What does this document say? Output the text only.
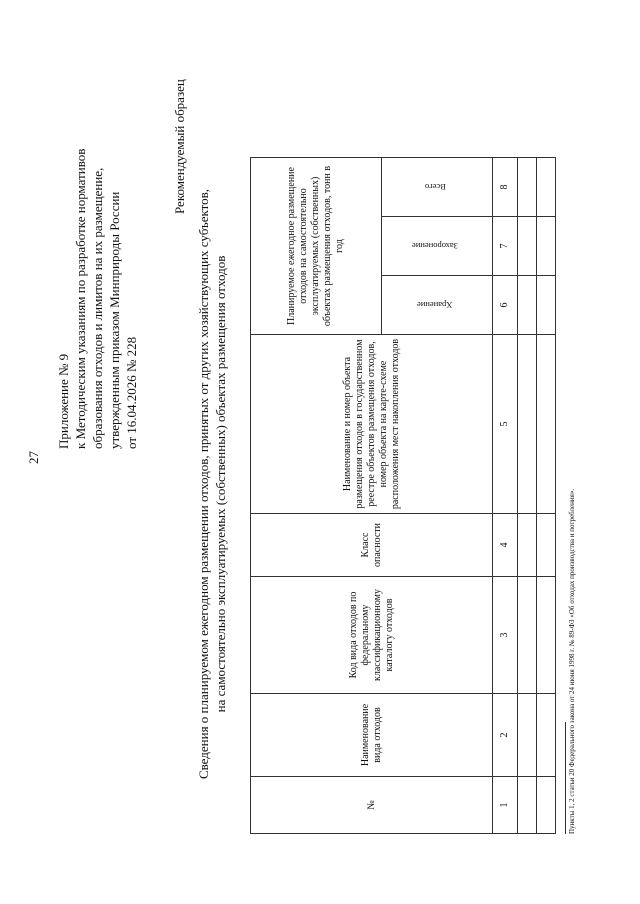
27
Приложение № 9 к Методическим указаниям по разработке нормативов образования отходов и лимитов на их размещение, утвержденным приказом Минприроды России от 16.04.2026 № 228
Рекомендуемый образец
Сведения о планируемом ежегодном размещении отходов, принятых от других хозяйствующих субъектов, на самостоятельно эксплуатируемых (собственных) объектах размещения отходов
№	Наименование вида отходов	Код вида отходов по федеральному классификационному каталогу отходов	Класс опасности	Наименование и номер объекта размещения отходов в государственном реестре объектов размещения отходов, номер объекта на карте-схеме расположения мест накопления отходов	Планируемое ежегодное размещение отходов на самостоятельно эксплуатируемых (собственных) объектах размещения отходов, тонн в год		
					Хранение	Захоронение	Всего
1	2	3	4	5	6	7	8

Пункты 1, 2 статьи 20 Федерального закона от 24 июня 1998 г. № 89-ФЗ «Об отходах производства и потребления».
